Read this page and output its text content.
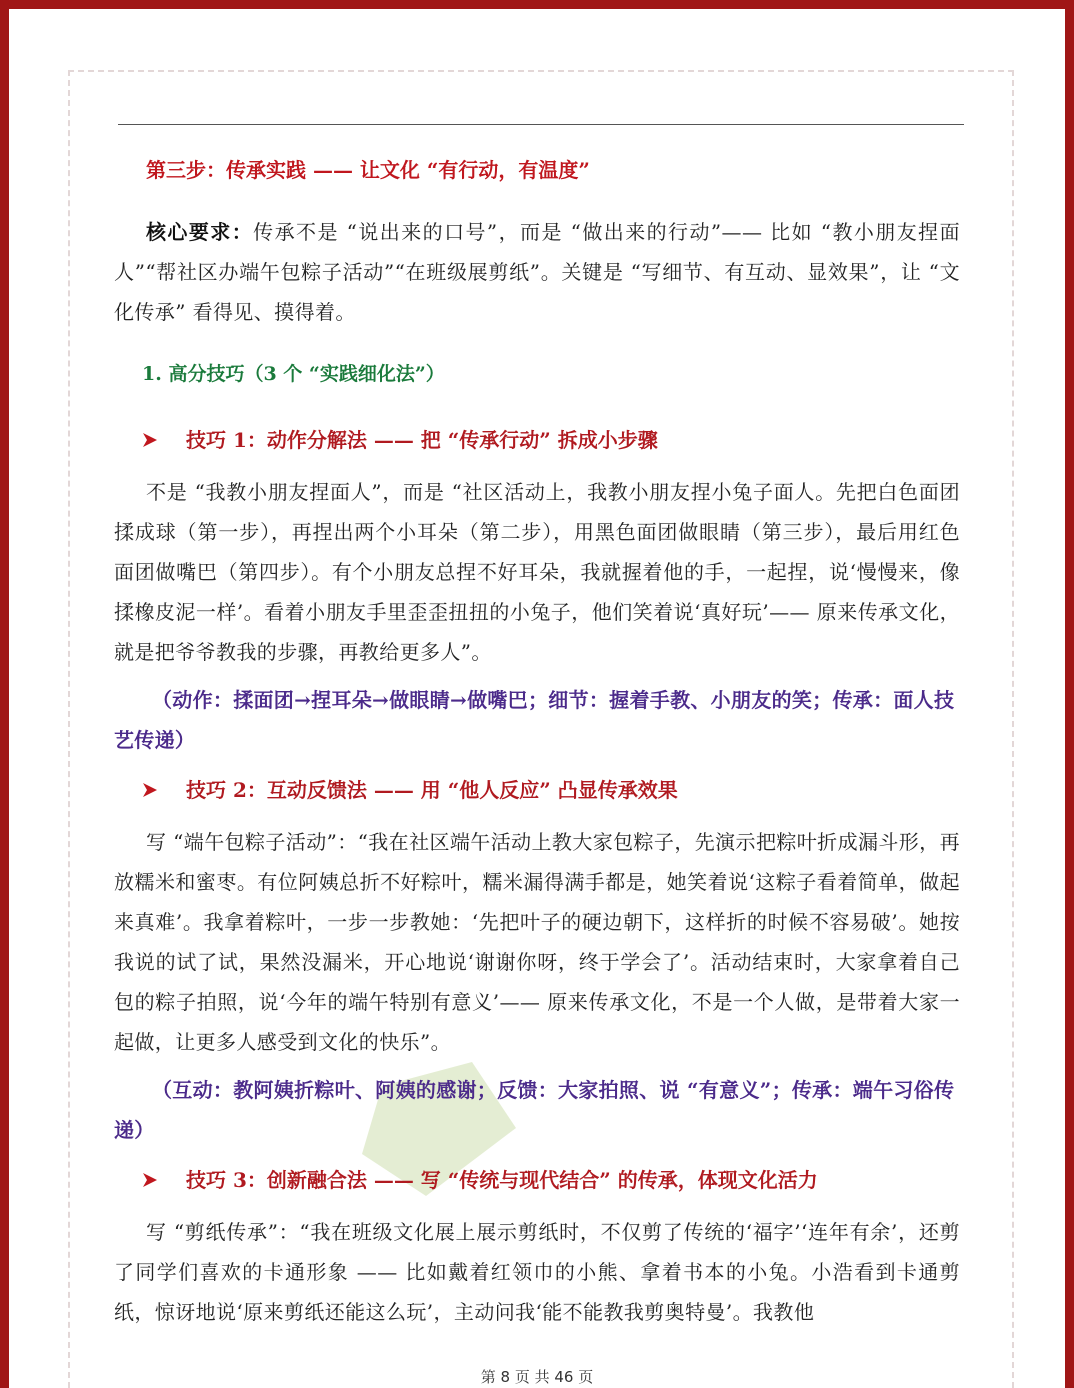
第三步：传承实践 —— 让文化 “有行动，有温度”

核心要求：传承不是 “说出来的口号”，而是 “做出来的行动”—— 比如 “教小朋友捏面人”“帮社区办端午包粽子活动”“在班级展剪纸”。关键是 “写细节、有互动、显效果”，让 “文化传承” 看得见、摸得着。

1. 高分技巧（3 个 “实践细化法”）
技巧 1：动作分解法 —— 把 “传承行动” 拆成小步骤

不是 “我教小朋友捏面人”，而是 “社区活动上，我教小朋友捏小兔子面人。先把白色面团揉成球（第一步），再捏出两个小耳朵（第二步），用黑色面团做眼睛（第三步），最后用红色面团做嘴巴（第四步）。有个小朋友总捏不好耳朵，我就握着他的手，一起捏，说‘慢慢来，像揉橡皮泥一样’。看着小朋友手里歪歪扭扭的小兔子，他们笑着说‘真好玩’—— 原来传承文化，就是把爷爷教我的步骤，再教给更多人”。

（动作：揉面团→捏耳朵→做眼睛→做嘴巴；细节：握着手教、小朋友的笑；传承：面人技艺传递）

技巧 2：互动反馈法 —— 用 “他人反应” 凸显传承效果

写 “端午包粽子活动”：“我在社区端午活动上教大家包粽子，先演示把粽叶折成漏斗形，再放糯米和蜜枣。有位阿姨总折不好粽叶，糯米漏得满手都是，她笑着说‘这粽子看着简单，做起来真难’。我拿着粽叶，一步一步教她：‘先把叶子的硬边朝下，这样折的时候不容易破’。她按我说的试了试，果然没漏米，开心地说‘谢谢你呀，终于学会了’。活动结束时，大家拿着自己包的粽子拍照，说‘今年的端午特别有意义’—— 原来传承文化，不是一个人做，是带着大家一起做，让更多人感受到文化的快乐”。

（互动：教阿姨折粽叶、阿姨的感谢；反馈：大家拍照、说 “有意义”；传承：端午习俗传递）

技巧 3：创新融合法 —— 写 “传统与现代结合” 的传承，体现文化活力

写 “剪纸传承”：“我在班级文化展上展示剪纸时，不仅剪了传统的‘福字’‘连年有余’，还剪了同学们喜欢的卡通形象 —— 比如戴着红领巾的小熊、拿着书本的小兔。小浩看到卡通剪纸，惊讶地说‘原来剪纸还能这么玩’，主动问我‘能不能教我剪奥特曼’。我教他

第 8 页 共 46 页
